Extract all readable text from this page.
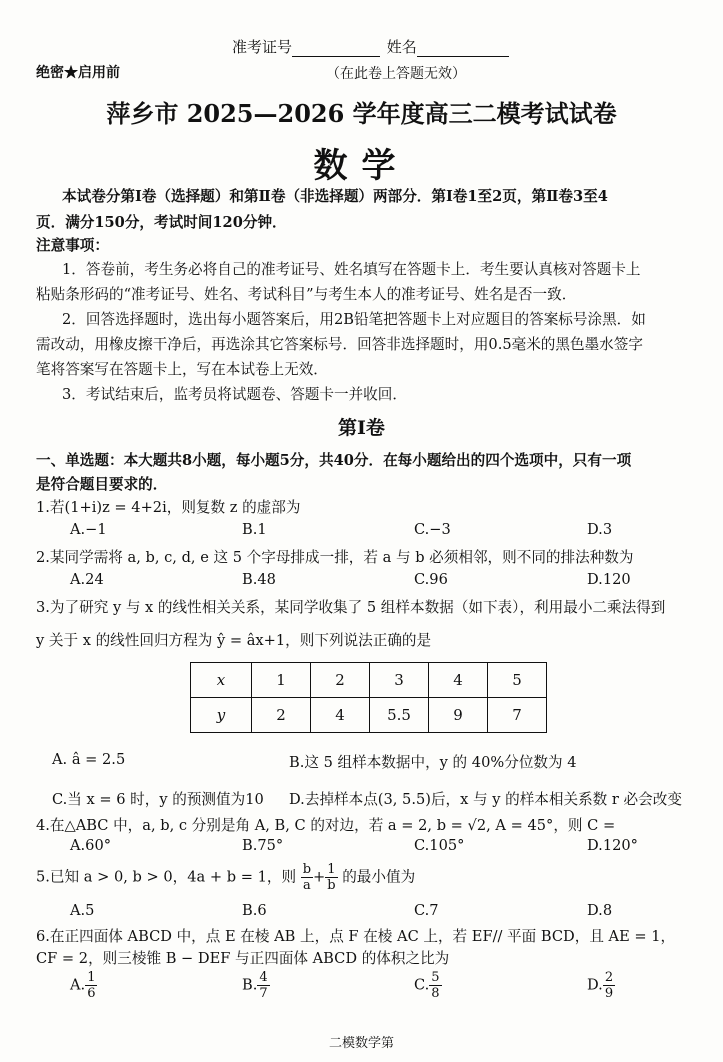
准考证号	姓名
绝密★启用前	（在此卷上答题无效）
萍乡市 2025—2026 学年度高三二模考试试卷
数学
本试卷分第Ⅰ卷（选择题）和第Ⅱ卷（非选择题）两部分．第Ⅰ卷1至2页，第Ⅱ卷3至4
页．满分150分，考试时间120分钟．
注意事项：
1．答卷前，考生务必将自己的准考证号、姓名填写在答题卡上．考生要认真核对答题卡上
粘贴条形码的“准考证号、姓名、考试科目”与考生本人的准考证号、姓名是否一致．
2．回答选择题时，选出每小题答案后，用2B铅笔把答题卡上对应题目的答案标号涂黑．如
需改动，用橡皮擦干净后，再选涂其它答案标号．回答非选择题时，用0.5毫米的黑色墨水签字
笔将答案写在答题卡上，写在本试卷上无效．
3．考试结束后，监考员将试题卷、答题卡一并收回．
第Ⅰ卷
一、单选题：本大题共8小题，每小题5分，共40分．在每小题给出的四个选项中，只有一项
是符合题目要求的．
1.若(1+i)z = 4+2i，则复数 z 的虚部为
A.−1	B.1	C.−3	D.3
2.某同学需将 a, b, c, d, e 这 5 个字母排成一排，若 a 与 b 必须相邻，则不同的排法种数为
A.24	B.48	C.96	D.120
3.为了研究 y 与 x 的线性相关关系，某同学收集了 5 组样本数据（如下表），利用最小二乘法得到
y 关于 x 的线性回归方程为 ŷ = âx+1，则下列说法正确的是
x	1	2	3	4	5
y	2	4	5.5	9	7
A. â = 2.5	B.这 5 组样本数据中，y 的 40%分位数为 4
C.当 x = 6 时，y 的预测值为10 D.去掉样本点(3, 5.5)后，x 与 y 的样本相关系数 r 必会改变
4.在△ABC 中，a, b, c 分别是角 A, B, C 的对边，若 a = 2, b = √2, A = 45°，则 C =
A.60°	B.75°	C.105°	D.120°
5.已知 a > 0, b > 0，4a + b = 1，则 $\frac{b}{a} + \frac{1}{b}$ 的最小值为
A.5	B.6	C.7	D.8
6.在正四面体 ABCD 中，点 E 在棱 AB 上，点 F 在棱 AC 上，若 EF// 平面 BCD，且 AE = 1，
CF = 2，则三棱锥 B − DEF 与正四面体 ABCD 的体积之比为
A. $\frac{1}{6}$	B. $\frac{4}{7}$	C. $\frac{5}{8}$	D. $\frac{2}{9}$
二模数学第
